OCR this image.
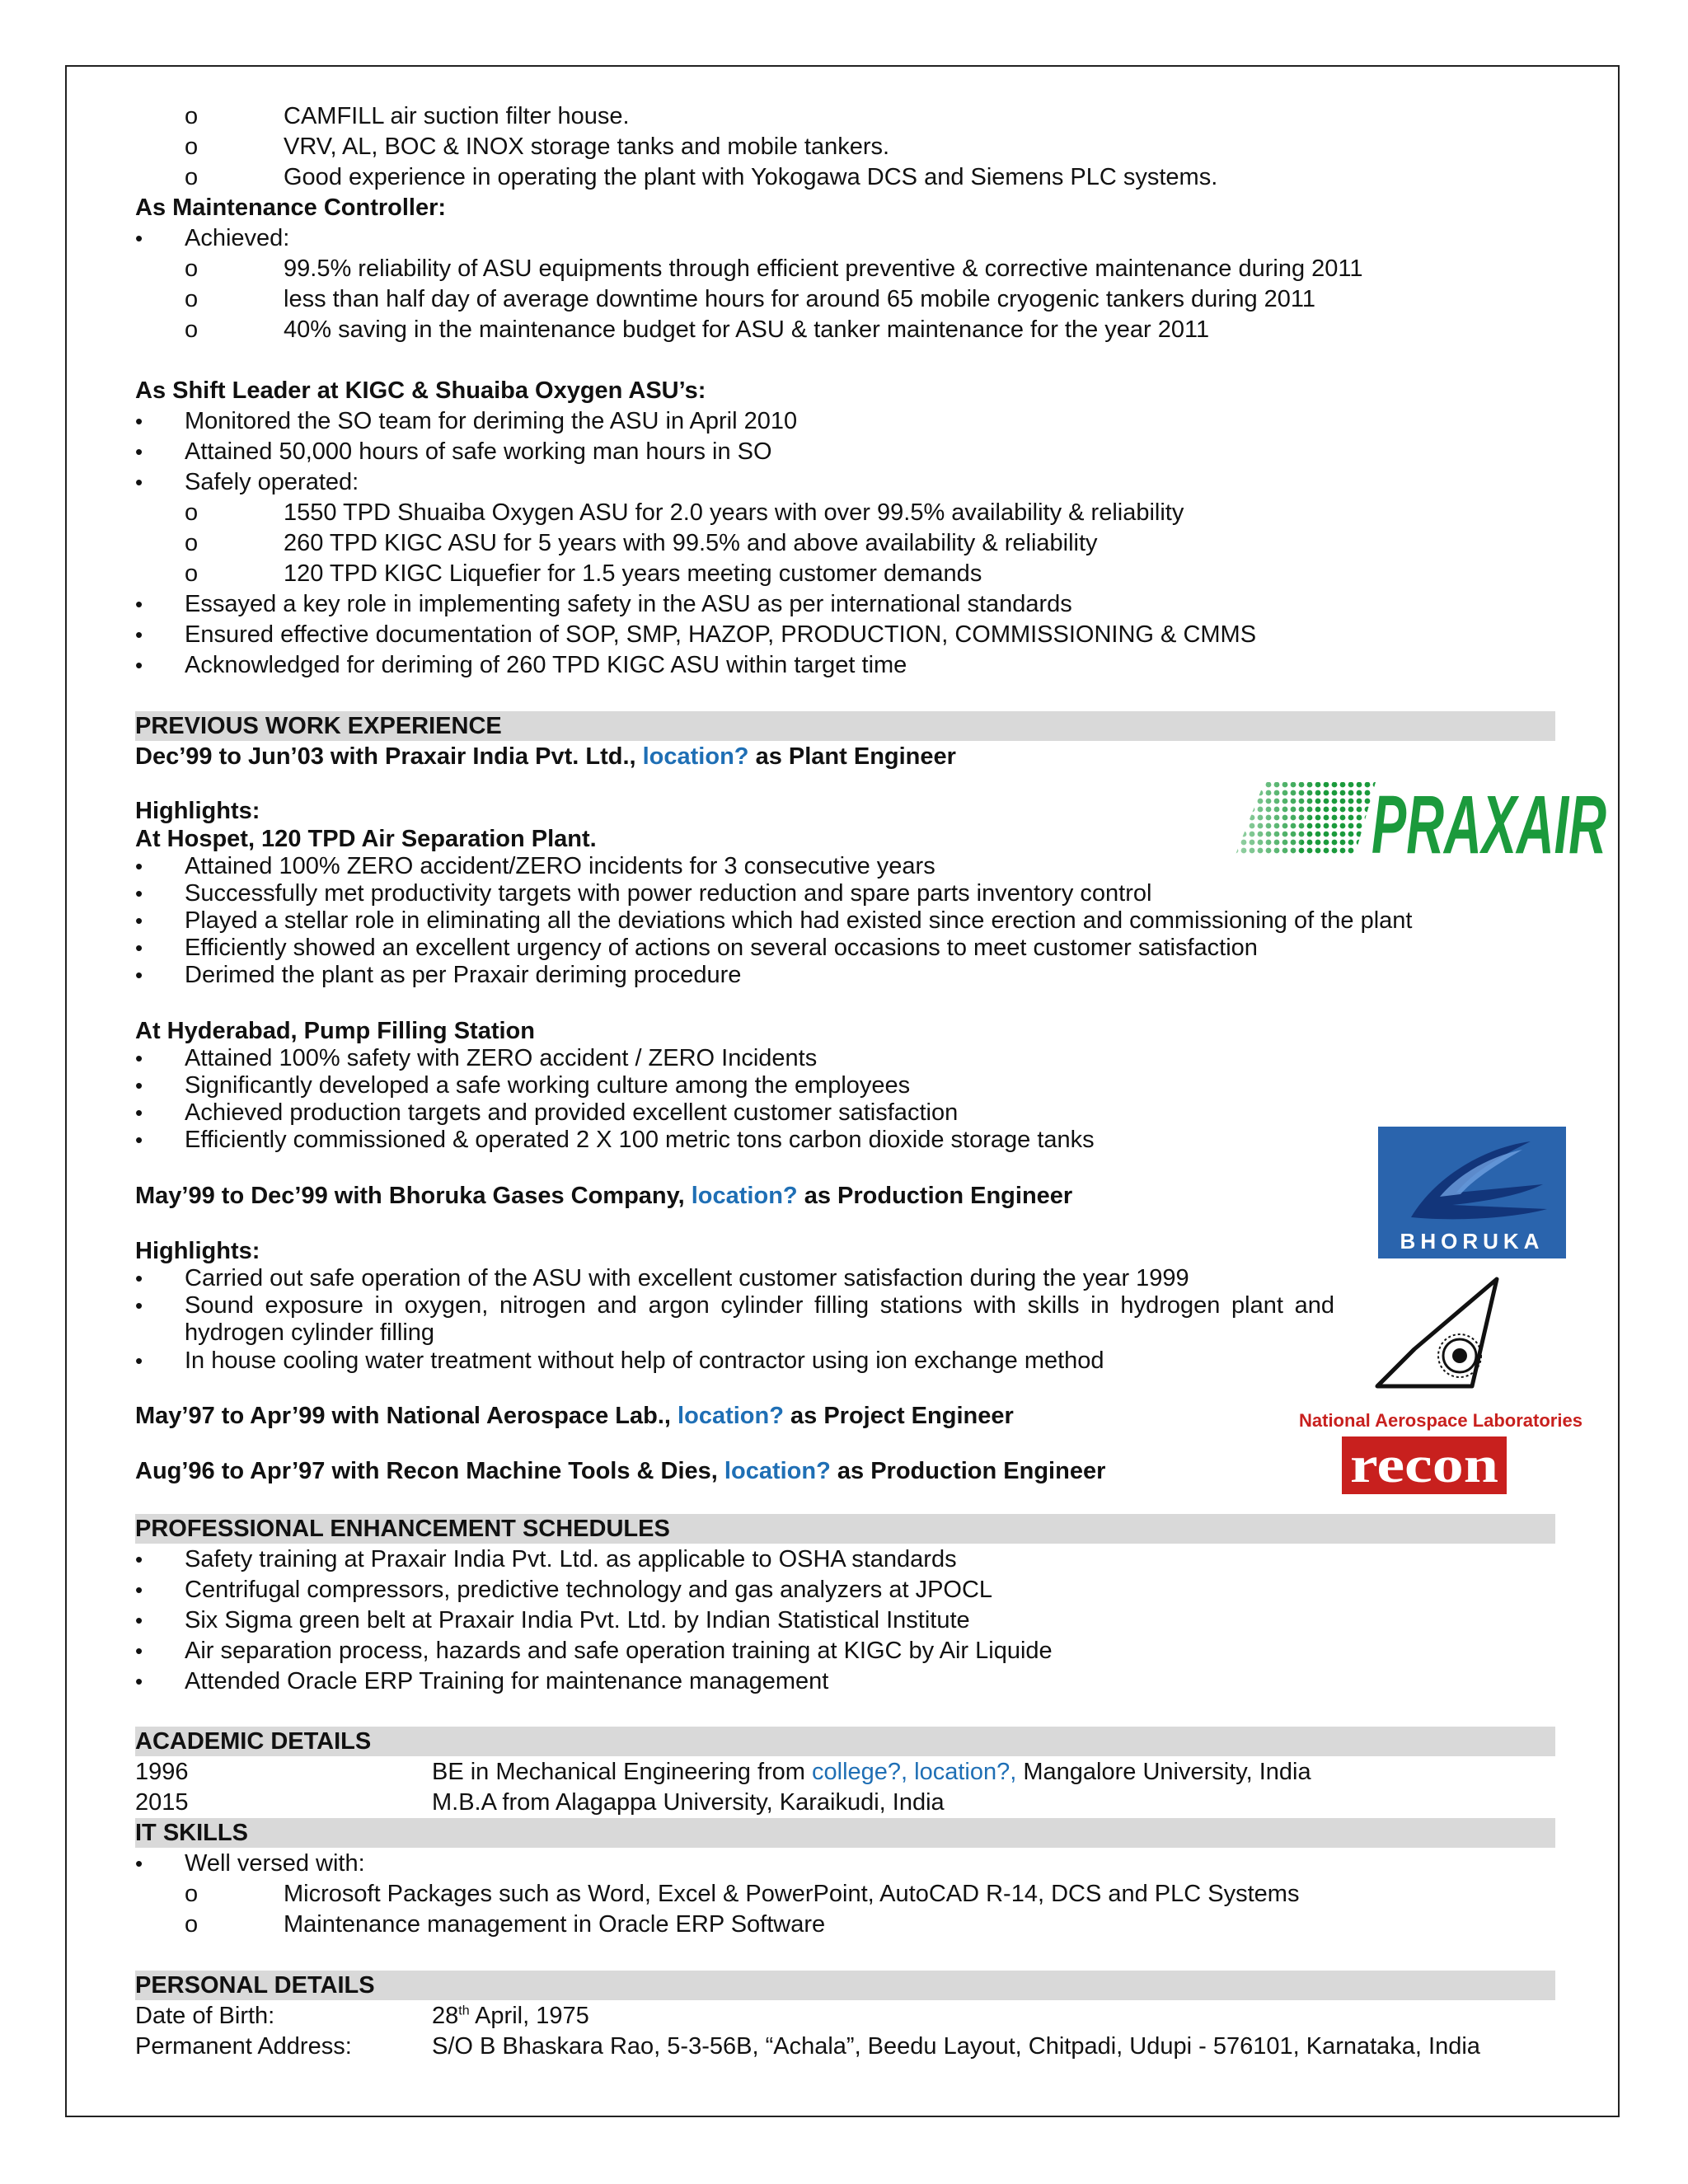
o	CAMFILL air suction filter house.
o	VRV, AL, BOC & INOX storage tanks and mobile tankers.
o	Good experience in operating the plant with Yokogawa DCS and Siemens PLC systems.
As Maintenance Controller:
• Achieved:
o	99.5% reliability of ASU equipments through efficient preventive & corrective maintenance during 2011
o	less than half day of average downtime hours for around 65 mobile cryogenic tankers during 2011
o	40% saving in the maintenance budget for ASU & tanker maintenance for the year 2011
As Shift Leader at KIGC & Shuaiba Oxygen ASU’s:
• Monitored the SO team for deriming the ASU in April 2010
• Attained 50,000 hours of safe working man hours in SO
• Safely operated:
o	1550 TPD Shuaiba Oxygen ASU for 2.0 years with over 99.5% availability & reliability
o	260 TPD KIGC ASU for 5 years with 99.5% and above availability & reliability
o	120 TPD KIGC Liquefier for 1.5 years meeting customer demands
• Essayed a key role in implementing safety in the ASU as per international standards
• Ensured effective documentation of SOP, SMP, HAZOP, PRODUCTION, COMMISSIONING & CMMS
• Acknowledged for deriming of 260 TPD KIGC ASU within target time
PREVIOUS WORK EXPERIENCE
Dec’99 to Jun’03 with Praxair India Pvt. Ltd., location? as Plant Engineer
Highlights:
At Hospet, 120 TPD Air Separation Plant.
• Attained 100% ZERO accident/ZERO incidents for 3 consecutive years
• Successfully met productivity targets with power reduction and spare parts inventory control
• Played a stellar role in eliminating all the deviations which had existed since erection and commissioning of the plant
• Efficiently showed an excellent urgency of actions on several occasions to meet customer satisfaction
• Derimed the plant as per Praxair deriming procedure
At Hyderabad, Pump Filling Station
• Attained 100% safety with ZERO accident / ZERO Incidents
• Significantly developed a safe working culture among the employees
• Achieved production targets and provided excellent customer satisfaction
• Efficiently commissioned & operated 2 X 100 metric tons carbon dioxide storage tanks
May’99 to Dec’99 with Bhoruka Gases Company, location? as Production Engineer
Highlights:
• Carried out safe operation of the ASU with excellent customer satisfaction during the year 1999
• Sound exposure in oxygen, nitrogen and argon cylinder filling stations with skills in hydrogen plant and hydrogen cylinder filling
• In house cooling water treatment without help of contractor using ion exchange method
May’97 to Apr’99 with National Aerospace Lab., location? as Project Engineer
Aug’96 to Apr’97 with Recon Machine Tools & Dies, location? as Production Engineer
PROFESSIONAL ENHANCEMENT SCHEDULES
• Safety training at Praxair India Pvt. Ltd. as applicable to OSHA standards
• Centrifugal compressors, predictive technology and gas analyzers at JPOCL
• Six Sigma green belt at Praxair India Pvt. Ltd. by Indian Statistical Institute
• Air separation process, hazards and safe operation training at KIGC by Air Liquide
• Attended Oracle ERP Training for maintenance management
ACADEMIC DETAILS
1996	BE in Mechanical Engineering from college?, location?, Mangalore University, India
2015	M.B.A from Alagappa University, Karaikudi, India
IT SKILLS
• Well versed with:
o	Microsoft Packages such as Word, Excel & PowerPoint, AutoCAD R-14, DCS and PLC Systems
o	Maintenance management in Oracle ERP Software
PERSONAL DETAILS
Date of Birth:	28th April, 1975
Permanent Address:	S/O B Bhaskara Rao, 5-3-56B, “Achala”, Beedu Layout, Chitpadi, Udupi - 576101, Karnataka, India
PRAXAIR
BHORUKA
National Aerospace Laboratories
recon
